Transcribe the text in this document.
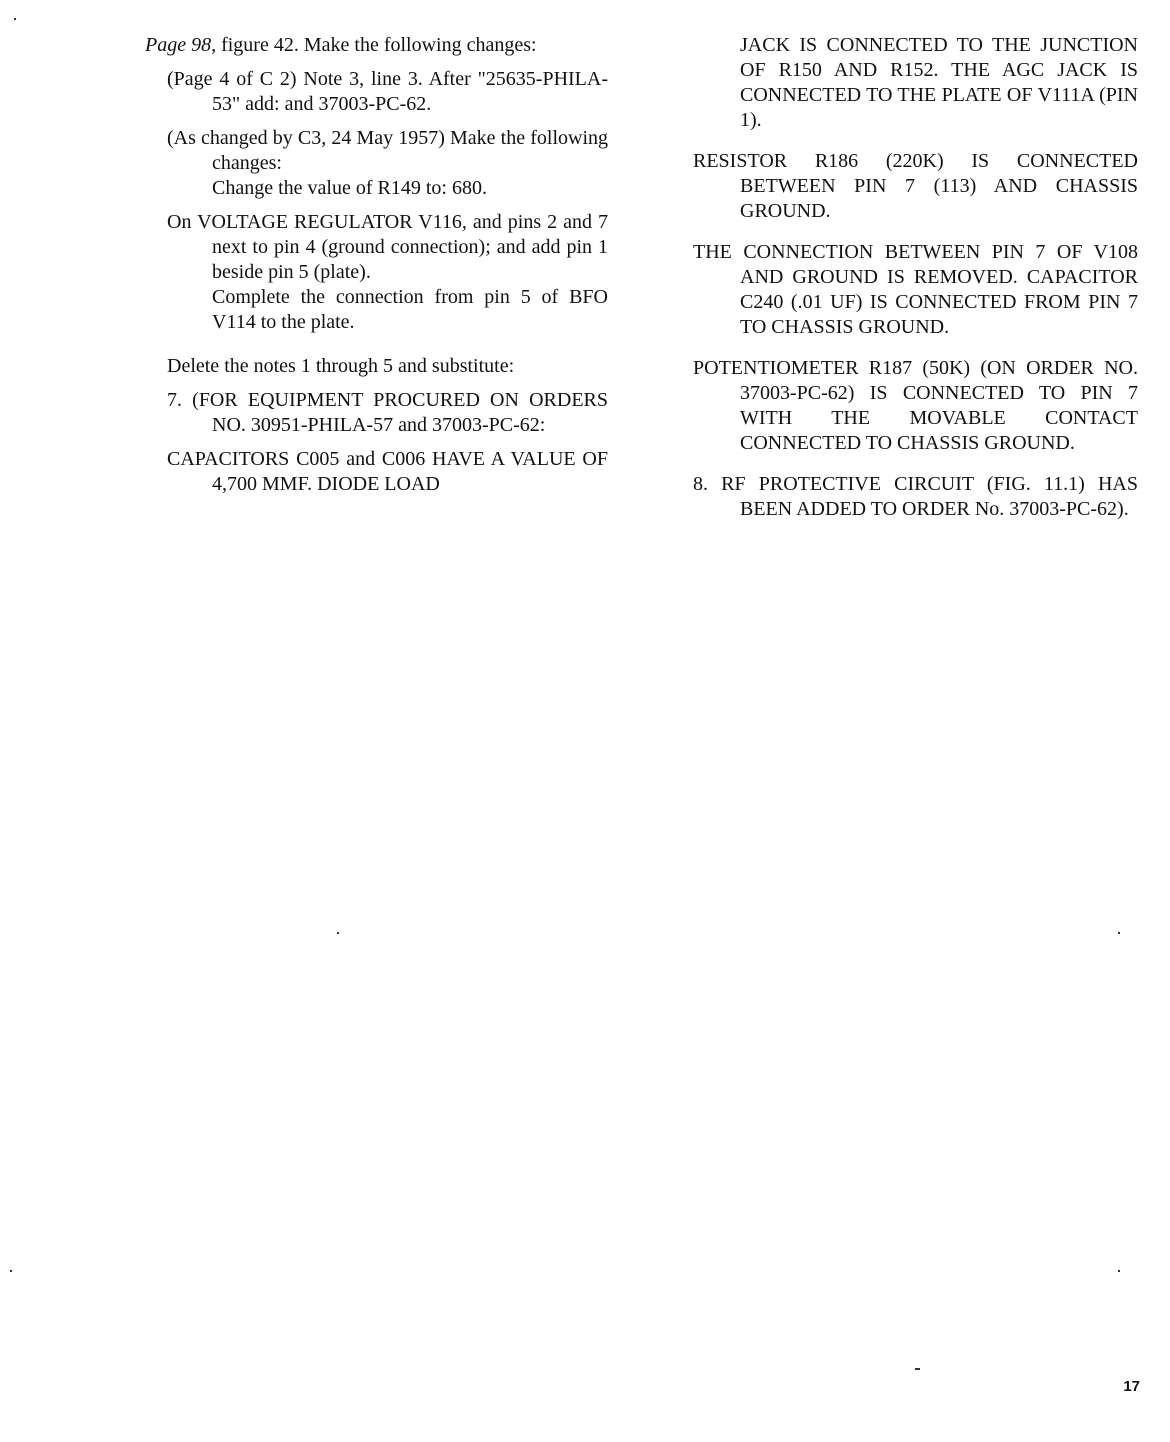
Page 98, figure 42. Make the following changes:

(Page 4 of C 2) Note 3, line 3. After "25635-PHILA-53" add: and 37003-PC-62.

(As changed by C3, 24 May 1957) Make the following changes:

Change the value of R149 to: 680.

On VOLTAGE REGULATOR V116, and pins 2 and 7 next to pin 4 (ground connection); and add pin 1 beside pin 5 (plate).

Complete the connection from pin 5 of BFO V114 to the plate.

Delete the notes 1 through 5 and substitute:

7. (FOR EQUIPMENT PROCURED ON ORDERS NO. 30951-PHILA-57 and 37003-PC-62:

CAPACITORS C005 and C006 HAVE A VALUE OF 4,700 MMF. DIODE LOAD

JACK IS CONNECTED TO THE JUNCTION OF R150 AND R152. THE AGC JACK IS CONNECTED TO THE PLATE OF V111A (PIN 1).

RESISTOR R186 (220K) IS CONNECTED BETWEEN PIN 7 (113) AND CHASSIS GROUND.

THE CONNECTION BETWEEN PIN 7 OF V108 AND GROUND IS REMOVED. CAPACITOR C240 (.01 UF) IS CONNECTED FROM PIN 7 TO CHASSIS GROUND.

POTENTIOMETER R187 (50K) (ON ORDER NO. 37003-PC-62) IS CONNECTED TO PIN 7 WITH THE MOVABLE CONTACT CONNECTED TO CHASSIS GROUND.

8. RF PROTECTIVE CIRCUIT (FIG. 11.1) HAS BEEN ADDED TO ORDER No. 37003-PC-62).

17
